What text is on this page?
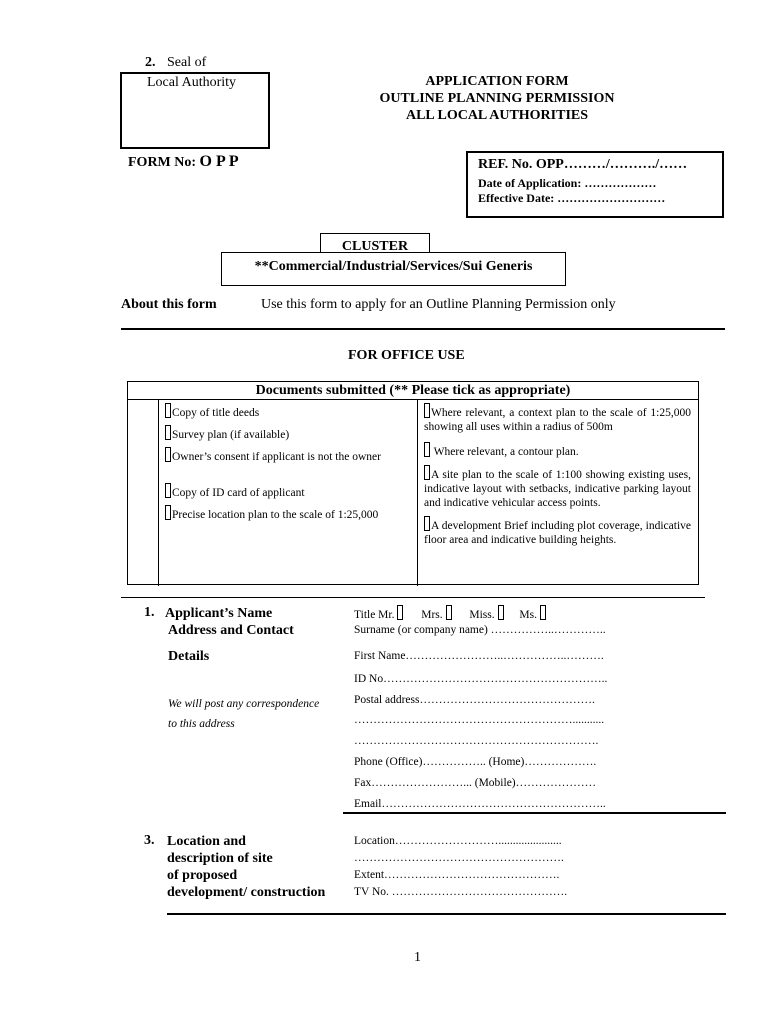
2. Seal of
Local Authority	APPLICATION FORM
OUTLINE PLANNING PERMISSION
ALL LOCAL AUTHORITIES
FORM No: O P P	REF. No. OPP………/………./……
Date of Application: ………………
Effective Date: ………………………
CLUSTER
**Commercial/Industrial/Services/Sui Generis
About this form	Use this form to apply for an Outline Planning Permission only
FOR OFFICE USE
Documents submitted (** Please tick as appropriate)
Copy of title deeds
Survey plan (if available)
Owner’s consent if applicant is not the owner
Copy of ID card of applicant
Precise location plan to the scale of 1:25,000
Where relevant, a context plan to the scale of 1:25,000 showing all uses within a radius of 500m
Where relevant, a contour plan.
A site plan to the scale of 1:100 showing existing uses, indicative layout with setbacks, indicative parking layout and indicative vehicular access points.
A development Brief including plot coverage, indicative floor area and indicative building heights.
1. Applicant’s Name
Address and Contact
Details
We will post any correspondence
to this address
Title Mr. Mrs. Miss. Ms.
Surname (or company name) ……………..…………..
First Name……………………..……………..……….
ID No…………………………………………………..
Postal address……………………………………….
…………………………………………………...........
……………………………………………………….
Phone (Office)…………….. (Home)……………….
Fax……………………... (Mobile)…………………
Email…………………………………………………..
3. Location and
description of site
of proposed
development/ construction
Location………………………......................
……………………………………………….
Extent……………………………………….
TV No. ……………………………………….
1
